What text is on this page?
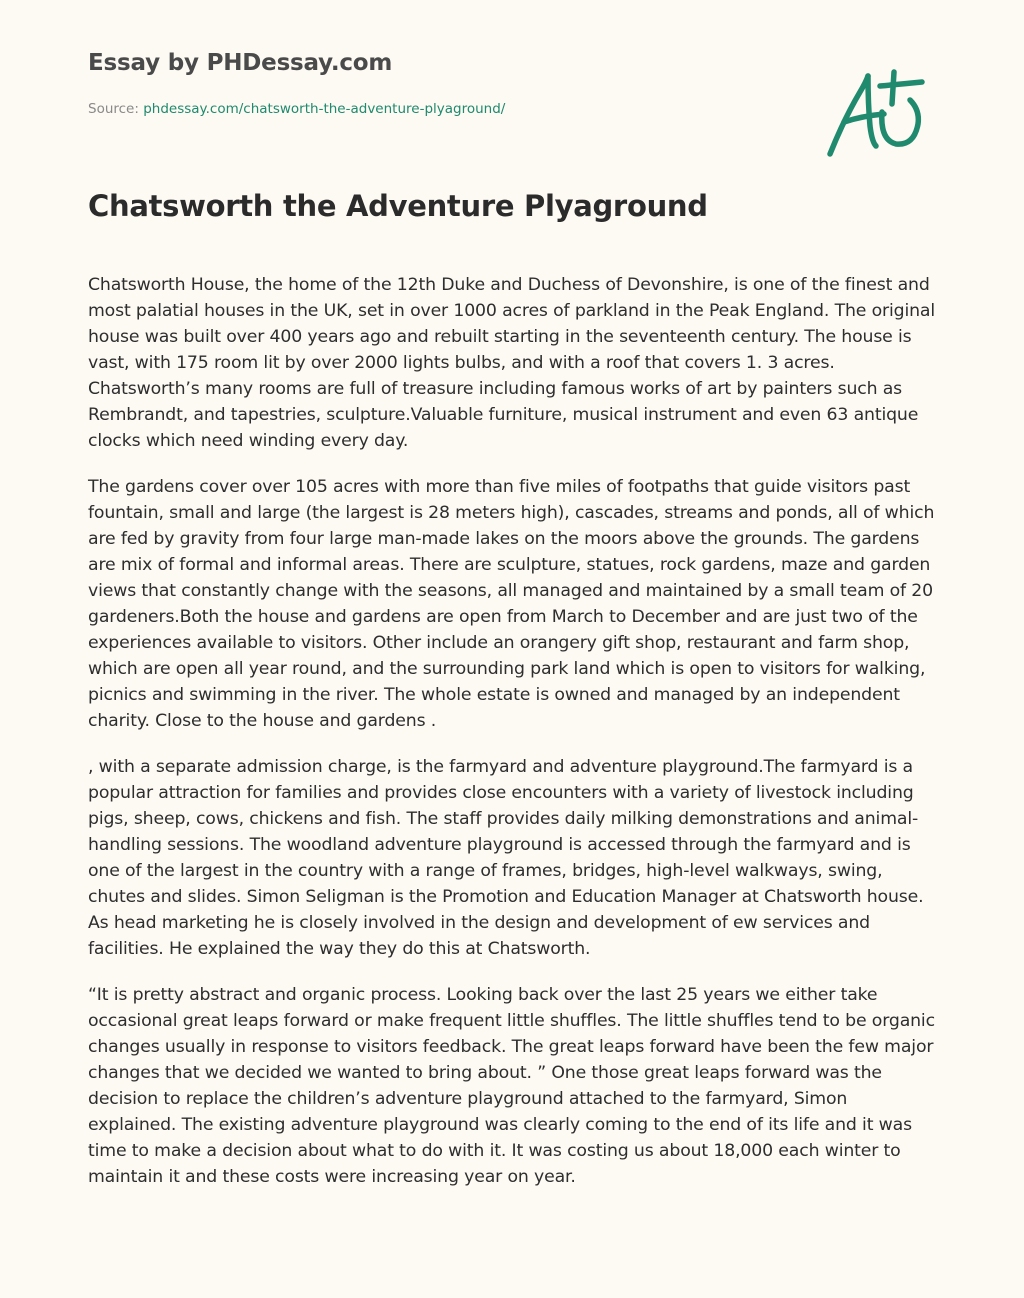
Essay by PHDessay.com
Source: phdessay.com/chatsworth-the-adventure-plyaground/
Chatsworth the Adventure Plyaground

Chatsworth House, the home of the 12th Duke and Duchess of Devonshire, is one of the finest and most palatial houses in the UK, set in over 1000 acres of parkland in the Peak England. The original house was built over 400 years ago and rebuilt starting in the seventeenth century. The house is vast, with 175 room lit by over 2000 lights bulbs, and with a roof that covers 1. 3 acres. Chatsworth’s many rooms are full of treasure including famous works of art by painters such as Rembrandt, and tapestries, sculpture.Valuable furniture, musical instrument and even 63 antique clocks which need winding every day.

The gardens cover over 105 acres with more than five miles of footpaths that guide visitors past fountain, small and large (the largest is 28 meters high), cascades, streams and ponds, all of which are fed by gravity from four large man-made lakes on the moors above the grounds. The gardens are mix of formal and informal areas. There are sculpture, statues, rock gardens, maze and garden views that constantly change with the seasons, all managed and maintained by a small team of 20 gardeners.Both the house and gardens are open from March to December and are just two of the experiences available to visitors. Other include an orangery gift shop, restaurant and farm shop, which are open all year round, and the surrounding park land which is open to visitors for walking, picnics and swimming in the river. The whole estate is owned and managed by an independent charity. Close to the house and gardens .

, with a separate admission charge, is the farmyard and adventure playground.The farmyard is a popular attraction for families and provides close encounters with a variety of livestock including pigs, sheep, cows, chickens and fish. The staff provides daily milking demonstrations and animal-handling sessions. The woodland adventure playground is accessed through the farmyard and is one of the largest in the country with a range of frames, bridges, high-level walkways, swing, chutes and slides. Simon Seligman is the Promotion and Education Manager at Chatsworth house. As head marketing he is closely involved in the design and development of ew services and facilities. He explained the way they do this at Chatsworth.

“It is pretty abstract and organic process. Looking back over the last 25 years we either take occasional great leaps forward or make frequent little shuffles. The little shuffles tend to be organic changes usually in response to visitors feedback. The great leaps forward have been the few major changes that we decided we wanted to bring about. ” One those great leaps forward was the decision to replace the children’s adventure playground attached to the farmyard, Simon explained. The existing adventure playground was clearly coming to the end of its life and it was time to make a decision about what to do with it. It was costing us about 18,000 each winter to maintain it and these costs were increasing year on year.
